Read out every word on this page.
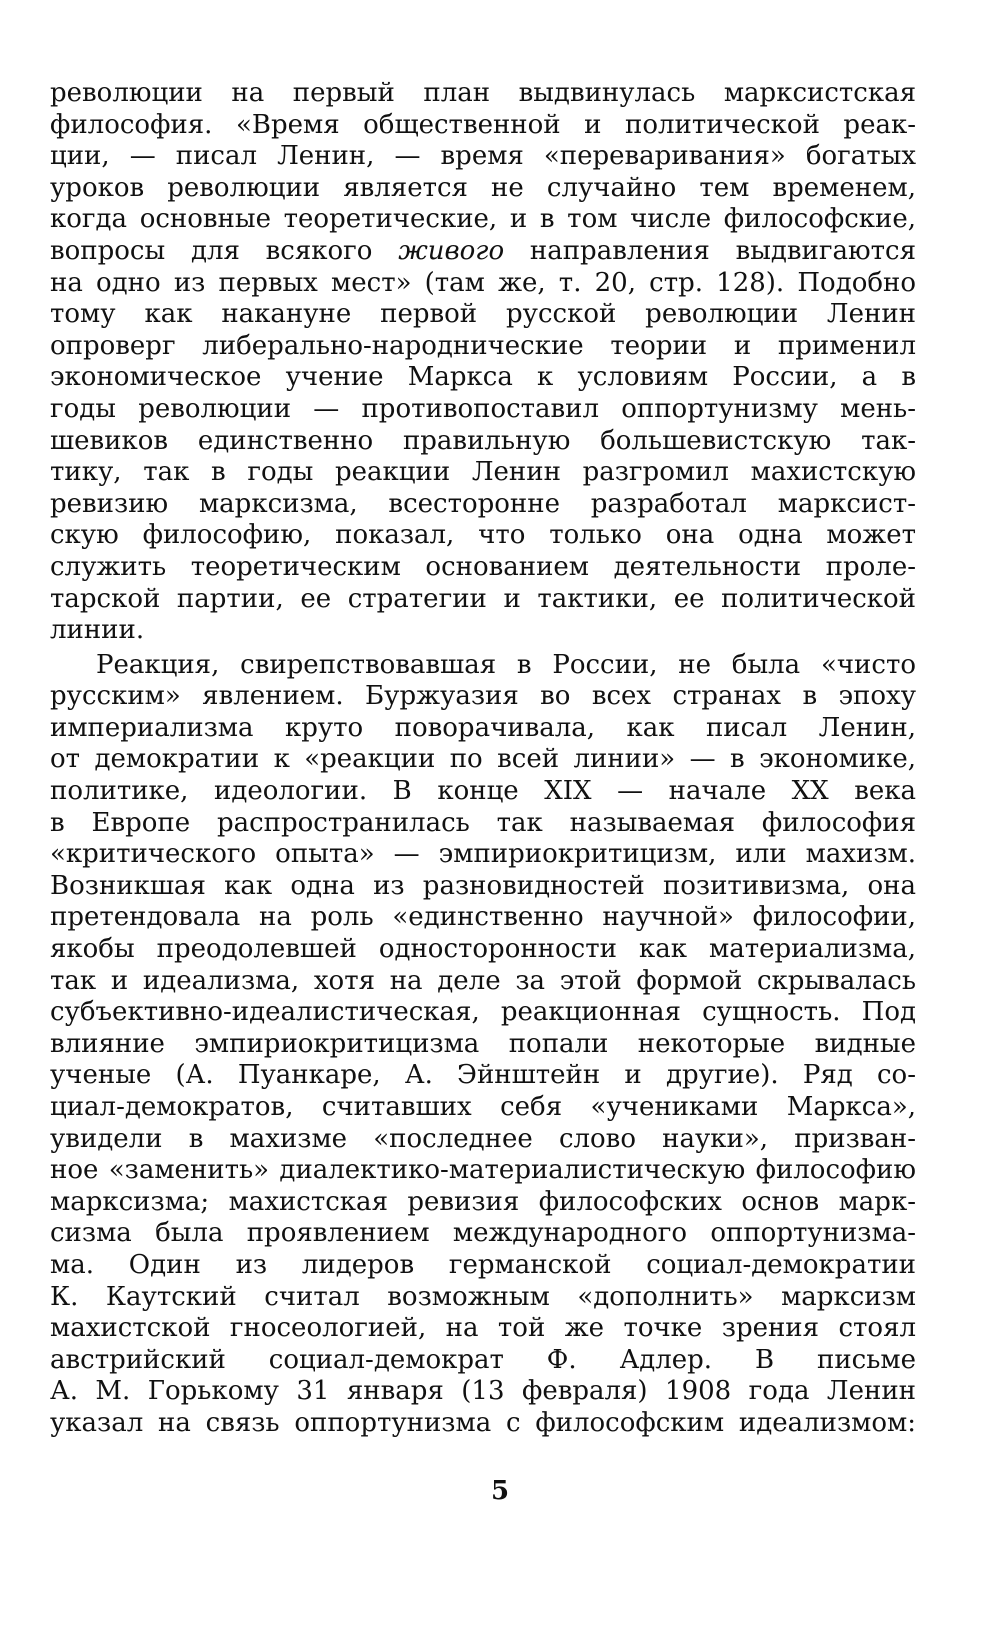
революции на первый план выдвинулась марксистская
философия. «Время общественной и политической реак-
ции, — писал Ленин, — время «переваривания» богатых
уроков революции является не случайно тем временем,
когда основные теоретические, и в том числе философские,
вопросы для всякого живого направления выдвигаются
на одно из первых мест» (там же, т. 20, стр. 128). Подобно
тому как накануне первой русской революции Ленин
опроверг либерально-народнические теории и применил
экономическое учение Маркса к условиям России, а в
годы революции — противопоставил оппортунизму мень-
шевиков единственно правильную большевистскую так-
тику, так в годы реакции Ленин разгромил махистскую
ревизию марксизма, всесторонне разработал марксист-
скую философию, показал, что только она одна может
служить теоретическим основанием деятельности проле-
тарской партии, ее стратегии и тактики, ее политической
линии.
Реакция, свирепствовавшая в России, не была «чисто
русским» явлением. Буржуазия во всех странах в эпоху
империализма круто поворачивала, как писал Ленин,
от демократии к «реакции по всей линии» — в экономике,
политике, идеологии. В конце XIX — начале XX века
в Европе распространилась так называемая философия
«критического опыта» — эмпириокритицизм, или махизм.
Возникшая как одна из разновидностей позитивизма, она
претендовала на роль «единственно научной» философии,
якобы преодолевшей односторонности как материализма,
так и идеализма, хотя на деле за этой формой скрывалась
субъективно-идеалистическая, реакционная сущность. Под
влияние эмпириокритицизма попали некоторые видные
ученые (А. Пуанкаре, А. Эйнштейн и другие). Ряд со-
циал-демократов, считавших себя «учениками Маркса»,
увидели в махизме «последнее слово науки», призван-
ное «заменить» диалектико-материалистическую философию
марксизма; махистская ревизия философских основ марк-
сизма была проявлением международного оппортунизма-
ма. Один из лидеров германской социал-демократии
К. Каутский считал возможным «дополнить» марксизм
махистской гносеологией, на той же точке зрения стоял
австрийский социал-демократ Ф. Адлер. В письме
А. М. Горькому 31 января (13 февраля) 1908 года Ленин
указал на связь оппортунизма с философским идеализмом:
5
